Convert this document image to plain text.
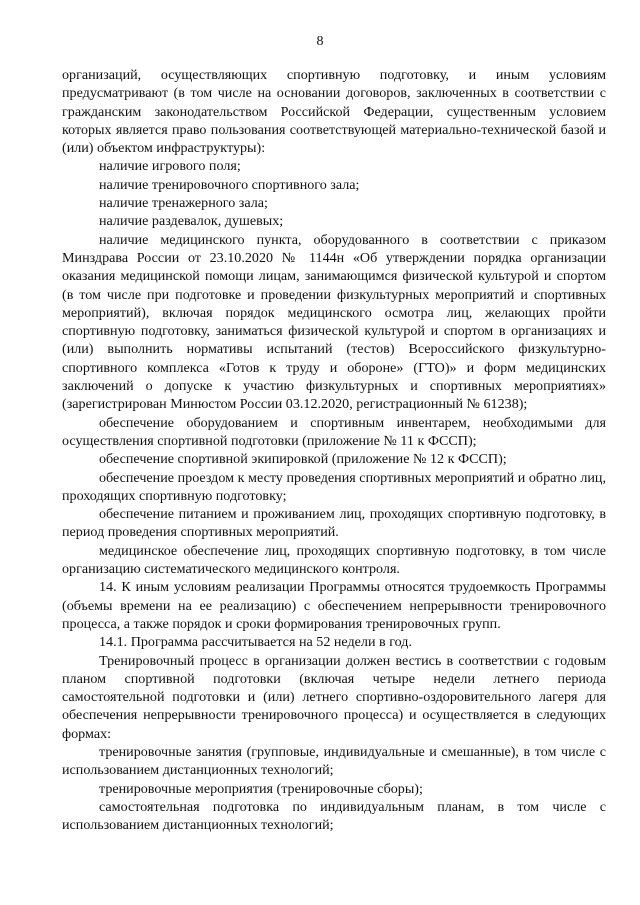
8

организаций, осуществляющих спортивную подготовку, и иным условиям предусматривают (в том числе на основании договоров, заключенных в соответствии с гражданским законодательством Российской Федерации, существенным условием которых является право пользования соответствующей материально-технической базой и (или) объектом инфраструктуры):

наличие игрового поля;

наличие тренировочного спортивного зала;

наличие тренажерного зала;

наличие раздевалок, душевых;

наличие медицинского пункта, оборудованного в соответствии с приказом Минздрава России от 23.10.2020 № 1144н «Об утверждении порядка организации оказания медицинской помощи лицам, занимающимся физической культурой и спортом (в том числе при подготовке и проведении физкультурных мероприятий и спортивных мероприятий), включая порядок медицинского осмотра лиц, желающих пройти спортивную подготовку, заниматься физической культурой и спортом в организациях и (или) выполнить нормативы испытаний (тестов) Всероссийского физкультурно-спортивного комплекса «Готов к труду и обороне» (ГТО)» и форм медицинских заключений о допуске к участию физкультурных и спортивных мероприятиях» (зарегистрирован Минюстом России 03.12.2020, регистрационный № 61238);

обеспечение оборудованием и спортивным инвентарем, необходимыми для осуществления спортивной подготовки (приложение № 11 к ФССП);

обеспечение спортивной экипировкой (приложение № 12 к ФССП);

обеспечение проездом к месту проведения спортивных мероприятий и обратно лиц, проходящих спортивную подготовку;

обеспечение питанием и проживанием лиц, проходящих спортивную подготовку, в период проведения спортивных мероприятий.

медицинское обеспечение лиц, проходящих спортивную подготовку, в том числе организацию систематического медицинского контроля.

14. К иным условиям реализации Программы относятся трудоемкость Программы (объемы времени на ее реализацию) с обеспечением непрерывности тренировочного процесса, а также порядок и сроки формирования тренировочных групп.

14.1. Программа рассчитывается на 52 недели в год.

Тренировочный процесс в организации должен вестись в соответствии с годовым планом спортивной подготовки (включая четыре недели летнего периода самостоятельной подготовки и (или) летнего спортивно-оздоровительного лагеря для обеспечения непрерывности тренировочного процесса) и осуществляется в следующих формах:

тренировочные занятия (групповые, индивидуальные и смешанные), в том числе с использованием дистанционных технологий;

тренировочные мероприятия (тренировочные сборы);

самостоятельная подготовка по индивидуальным планам, в том числе с использованием дистанционных технологий;
